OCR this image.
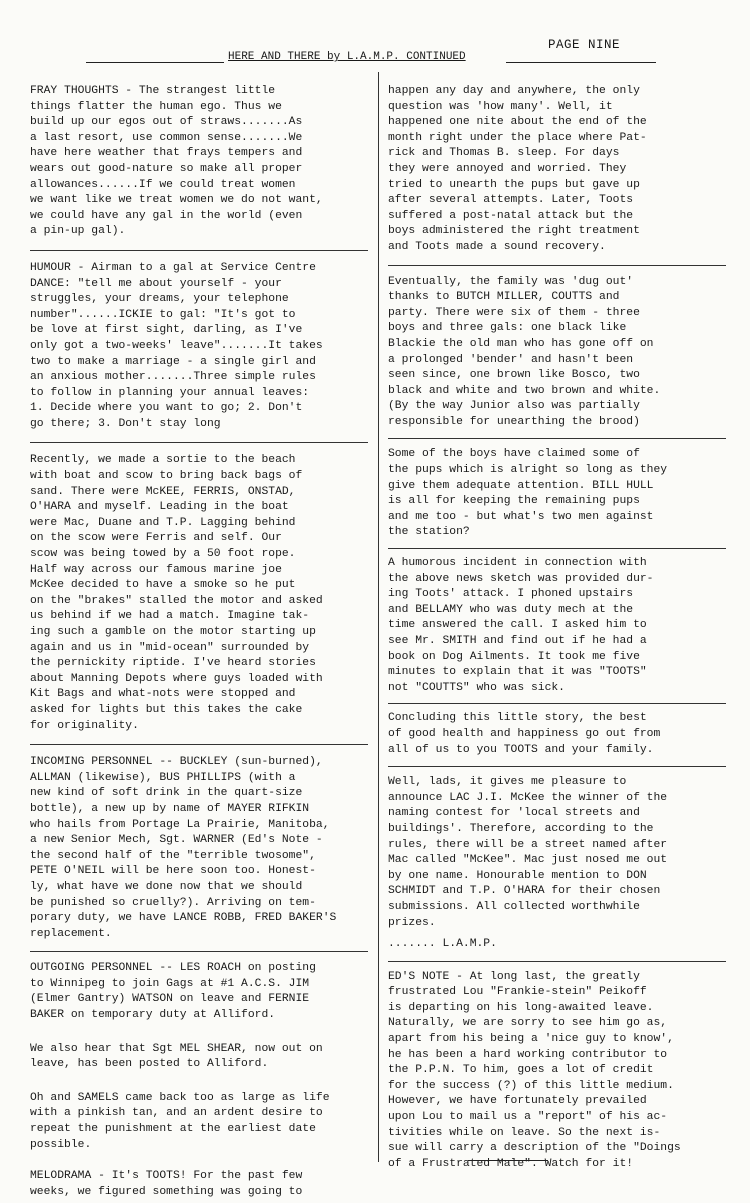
PAGE NINE
HERE AND THERE by L.A.M.P. CONTINUED
FRAY THOUGHTS - The strangest little
things flatter the human ego. Thus we
build up our egos out of straws.......As
a last resort, use common sense.......We
have here weather that frays tempers and
wears out good-nature so make all proper
allowances......If we could treat women
we want like we treat women we do not want,
we could have any gal in the world (even
a pin-up gal).
HUMOUR - Airman to a gal at Service Centre
DANCE: "tell me about yourself - your
struggles, your dreams, your telephone
number"......ICKIE to gal: "It's got to
be love at first sight, darling, as I've
only got a two-weeks' leave".......It takes
two to make a marriage - a single girl and
an anxious mother.......Three simple rules
to follow in planning your annual leaves:
1. Decide where you want to go; 2. Don't
go there; 3. Don't stay long
Recently, we made a sortie to the beach
with boat and scow to bring back bags of
sand. There were McKEE, FERRIS, ONSTAD,
O'HARA and myself. Leading in the boat
were Mac, Duane and T.P. Lagging behind
on the scow were Ferris and self. Our
scow was being towed by a 50 foot rope.
Half way across our famous marine joe
McKee decided to have a smoke so he put
on the "brakes" stalled the motor and asked
us behind if we had a match. Imagine tak-
ing such a gamble on the motor starting up
again and us in "mid-ocean" surrounded by
the pernickity riptide. I've heard stories
about Manning Depots where guys loaded with
Kit Bags and what-nots were stopped and
asked for lights but this takes the cake
for originality.
INCOMING PERSONNEL -- BUCKLEY (sun-burned),
ALLMAN (likewise), BUS PHILLIPS (with a
new kind of soft drink in the quart-size
bottle), a new up by name of MAYER RIFKIN
who hails from Portage La Prairie, Manitoba,
a new Senior Mech, Sgt. WARNER (Ed's Note -
the second half of the "terrible twosome",
PETE O'NEIL will be here soon too. Honest-
ly, what have we done now that we should
be punished so cruelly?). Arriving on tem-
porary duty, we have LANCE ROBB, FRED BAKER'S
replacement.
OUTGOING PERSONNEL -- LES ROACH on posting
to Winnipeg to join Gags at #1 A.C.S. JIM
(Elmer Gantry) WATSON on leave and FERNIE
BAKER on temporary duty at Alliford.
We also hear that Sgt MEL SHEAR, now out on
leave, has been posted to Alliford.
Oh and SAMELS came back too as large as life
with a pinkish tan, and an ardent desire to
repeat the punishment at the earliest date
possible.
MELODRAMA - It's TOOTS! For the past few
weeks, we figured something was going to
happen any day and anywhere, the only
question was 'how many'. Well, it
happened one nite about the end of the
month right under the place where Pat-
rick and Thomas B. sleep. For days
they were annoyed and worried. They
tried to unearth the pups but gave up
after several attempts. Later, Toots
suffered a post-natal attack but the
boys administered the right treatment
and Toots made a sound recovery.
Eventually, the family was 'dug out'
thanks to BUTCH MILLER, COUTTS and
party. There were six of them - three
boys and three gals: one black like
Blackie the old man who has gone off on
a prolonged 'bender' and hasn't been
seen since, one brown like Bosco, two
black and white and two brown and white.
(By the way Junior also was partially
responsible for unearthing the brood)
Some of the boys have claimed some of
the pups which is alright so long as they
give them adequate attention. BILL HULL
is all for keeping the remaining pups
and me too - but what's two men against
the station?
A humorous incident in connection with
the above news sketch was provided dur-
ing Toots' attack. I phoned upstairs
and BELLAMY who was duty mech at the
time answered the call. I asked him to
see Mr. SMITH and find out if he had a
book on Dog Ailments. It took me five
minutes to explain that it was "TOOTS"
not "COUTTS" who was sick.
Concluding this little story, the best
of good health and happiness go out from
all of us to you TOOTS and your family.
Well, lads, it gives me pleasure to
announce LAC J.I. McKee the winner of the
naming contest for 'local streets and
buildings'. Therefore, according to the
rules, there will be a street named after
Mac called "McKee". Mac just nosed me out
by one name. Honourable mention to DON
SCHMIDT and T.P. O'HARA for their chosen
submissions. All collected worthwhile
prizes.
....... L.A.M.P.
ED'S NOTE - At long last, the greatly
frustrated Lou "Frankie-stein" Peikoff
is departing on his long-awaited leave.
Naturally, we are sorry to see him go as,
apart from his being a 'nice guy to know',
he has been a hard working contributor to
the P.P.N. To him, goes a lot of credit
for the success (?) of this little medium.
However, we have fortunately prevailed
upon Lou to mail us a "report" of his ac-
tivities while on leave. So the next is-
sue will carry a description of the "Doings
of a Frustrated Male". Watch for it!
